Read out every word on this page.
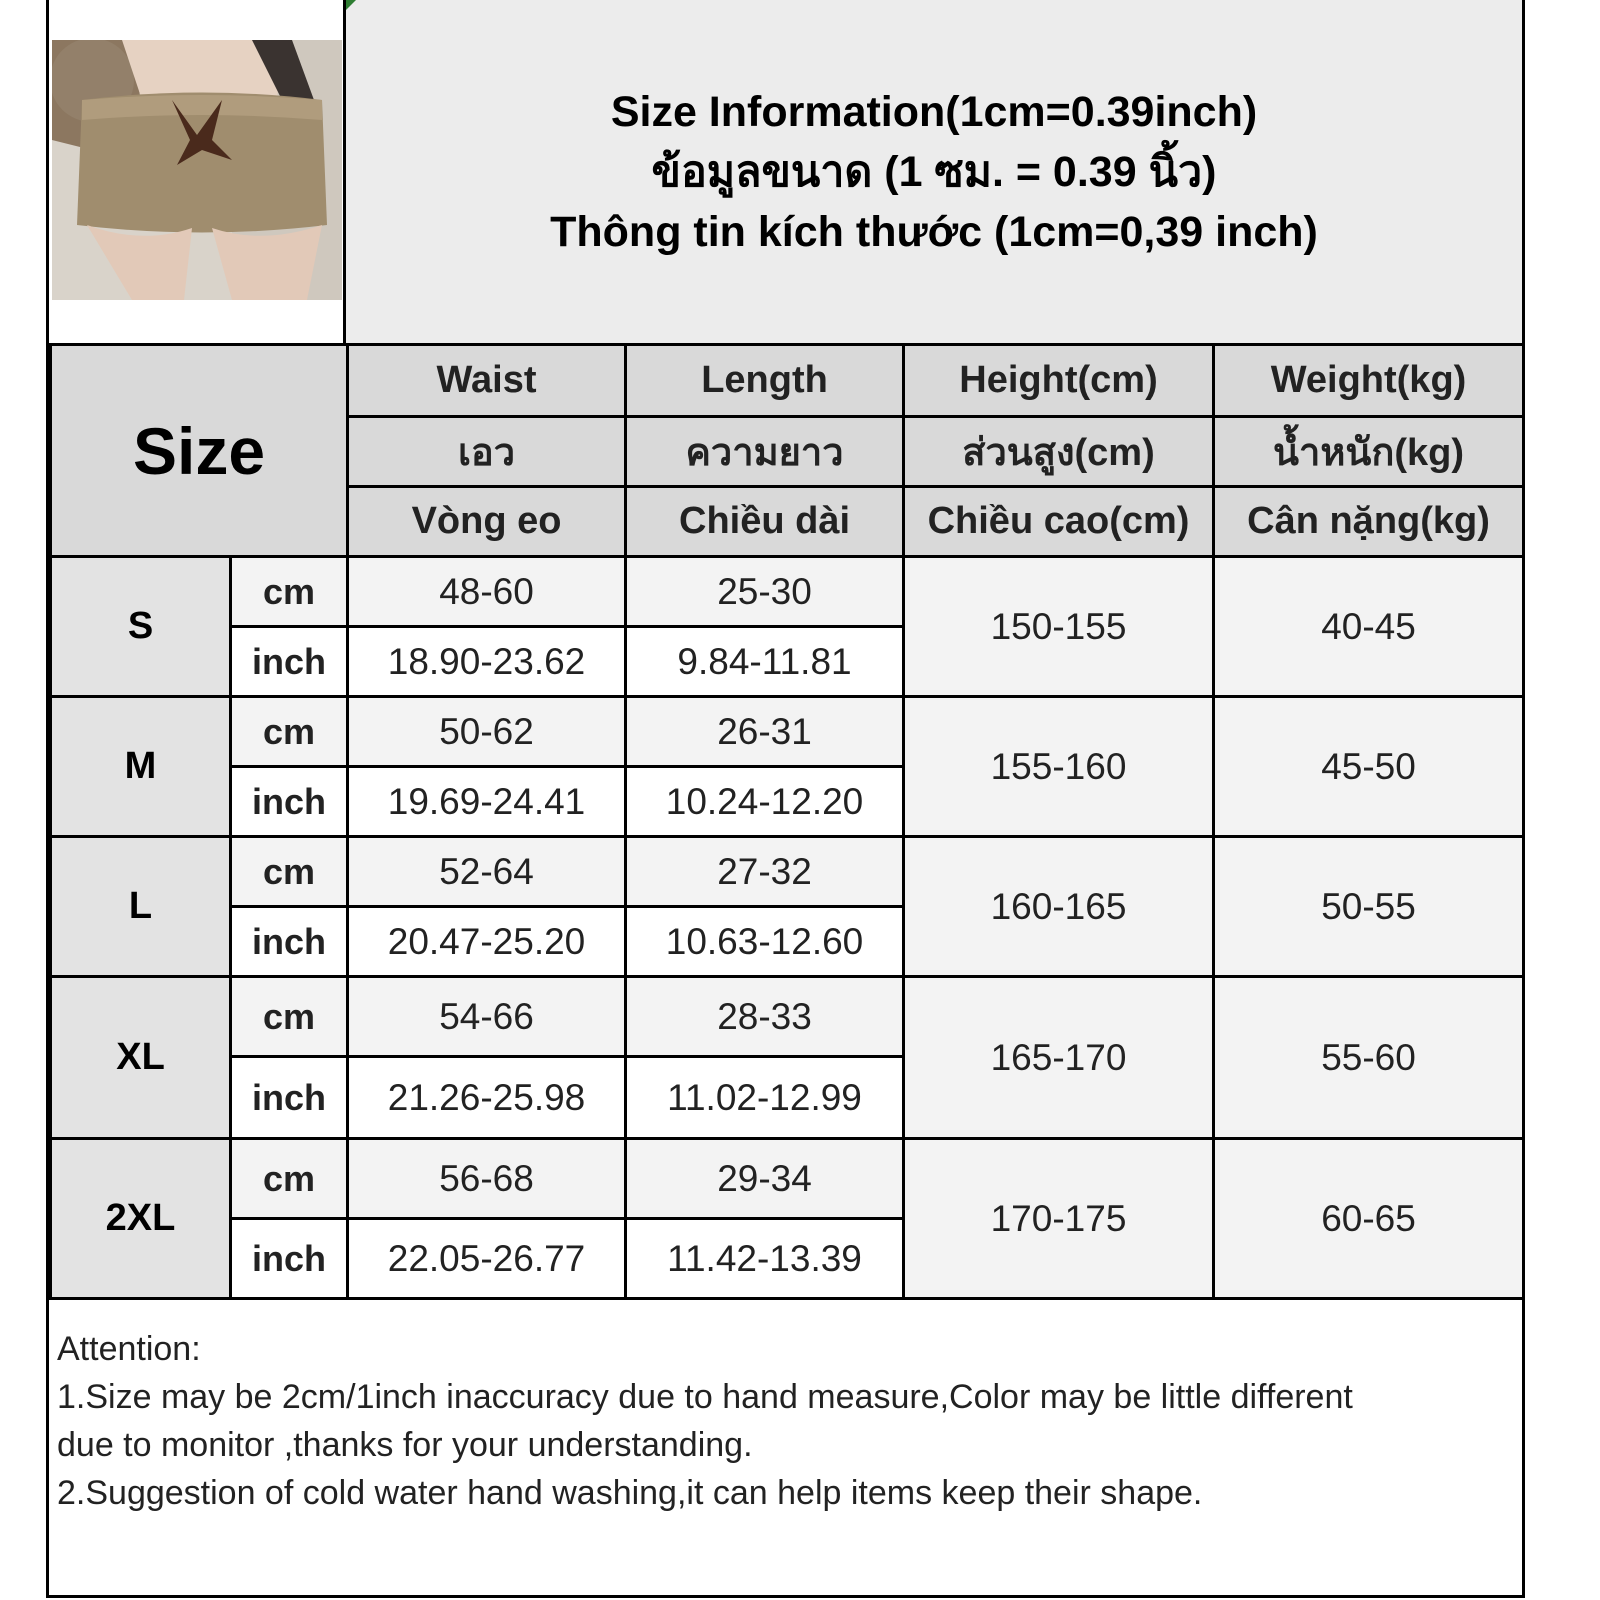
Size Information(1cm=0.39inch)
ข้อมูลขนาด (1 ซม. = 0.39 นิ้ว)
Thông tin kích thước (1cm=0,39 inch)
Size		Waist	Length	Height(cm)	Weight(kg)
		เอว	ความยาว	ส่วนสูง(cm)	น้ำหนัก(kg)
		Vòng eo	Chiều dài	Chiều cao(cm)	Cân nặng(kg)
S	cm	48-60	25-30	150-155	40-45
	inch	18.90-23.62	9.84-11.81		
M	cm	50-62	26-31	155-160	45-50
	inch	19.69-24.41	10.24-12.20		
L	cm	52-64	27-32	160-165	50-55
	inch	20.47-25.20	10.63-12.60		
XL	cm	54-66	28-33	165-170	55-60
	inch	21.26-25.98	11.02-12.99		
2XL	cm	56-68	29-34	170-175	60-65
	inch	22.05-26.77	11.42-13.39		
Attention:
1.Size may be 2cm/1inch inaccuracy due to hand measure,Color may be little different
due to monitor ,thanks for your understanding.
2.Suggestion of cold water hand washing,it can help items keep their shape.
